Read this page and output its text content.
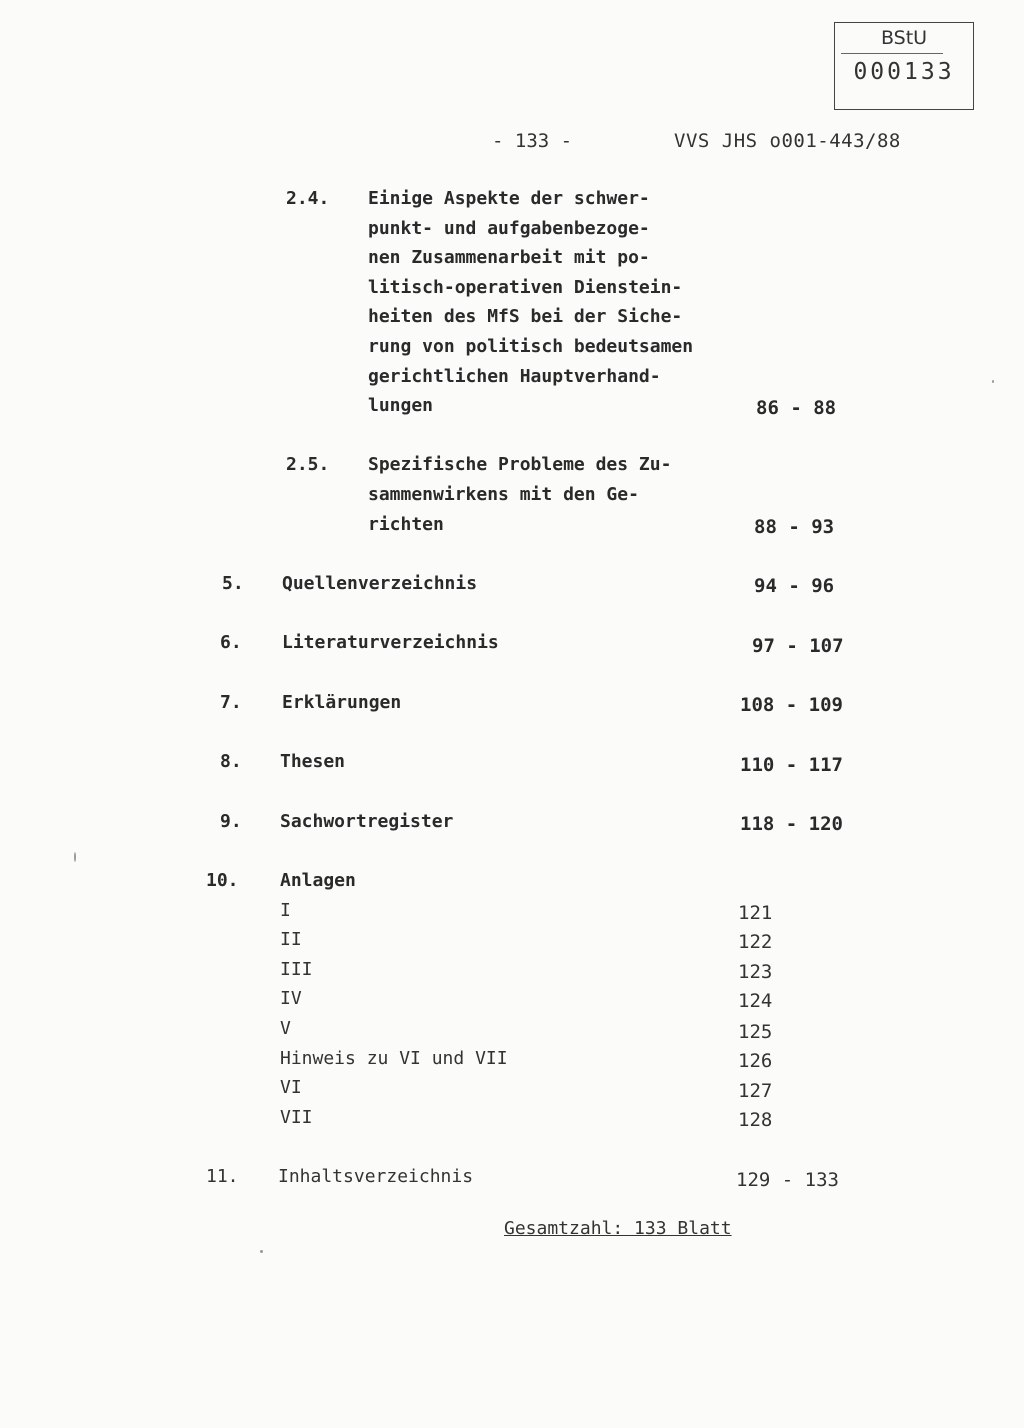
BStU
000133
- 133 -	VVS JHS o001-443/88
2.4. Einige Aspekte der schwer-
punkt- und aufgabenbezoge-
nen Zusammenarbeit mit po-
litisch-operativen Dienstein-
heiten des MfS bei der Siche-
rung von politisch bedeutsamen
gerichtlichen Hauptverhand-
lungen	86 - 88
2.5. Spezifische Probleme des Zu-
sammenwirkens mit den Ge-
richten	88 - 93
5. Quellenverzeichnis	94 - 96
6. Literaturverzeichnis	97 - 107
7. Erklärungen	108 - 109
8. Thesen	110 - 117
9. Sachwortregister	118 - 120
10. Anlagen
I	121
II	122
III	123
IV	124
V	125
Hinweis zu VI und VII	126
VI	127
VII	128
11. Inhaltsverzeichnis	129 - 133
Gesamtzahl: 133 Blatt
